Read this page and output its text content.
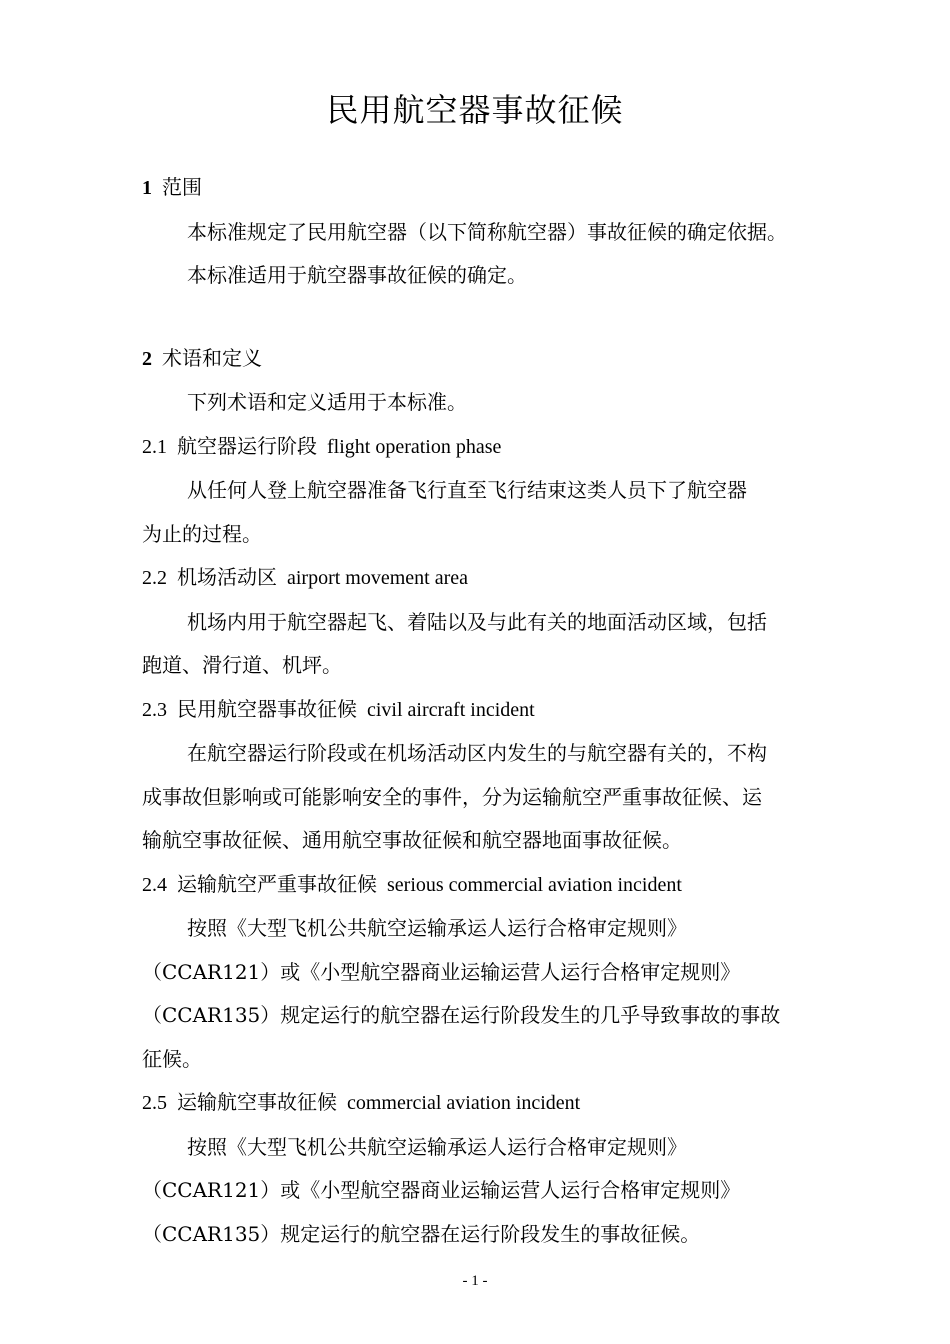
民用航空器事故征候

1 范围

本标准规定了民用航空器（以下简称航空器）事故征候的确定依据。

本标准适用于航空器事故征候的确定。

2 术语和定义

下列术语和定义适用于本标准。

2.1 航空器运行阶段 flight operation phase

从任何人登上航空器准备飞行直至飞行结束这类人员下了航空器

为止的过程。

2.2 机场活动区 airport movement area

机场内用于航空器起飞、着陆以及与此有关的地面活动区域，包括

跑道、滑行道、机坪。

2.3 民用航空器事故征候 civil aircraft incident

在航空器运行阶段或在机场活动区内发生的与航空器有关的，不构

成事故但影响或可能影响安全的事件，分为运输航空严重事故征候、运

输航空事故征候、通用航空事故征候和航空器地面事故征候。

2.4 运输航空严重事故征候 serious commercial aviation incident

按照《大型飞机公共航空运输承运人运行合格审定规则》

（CCAR121）或《小型航空器商业运输运营人运行合格审定规则》

（CCAR135）规定运行的航空器在运行阶段发生的几乎导致事故的事故

征候。

2.5 运输航空事故征候 commercial aviation incident

按照《大型飞机公共航空运输承运人运行合格审定规则》

（CCAR121）或《小型航空器商业运输运营人运行合格审定规则》

（CCAR135）规定运行的航空器在运行阶段发生的事故征候。

- 1 -
